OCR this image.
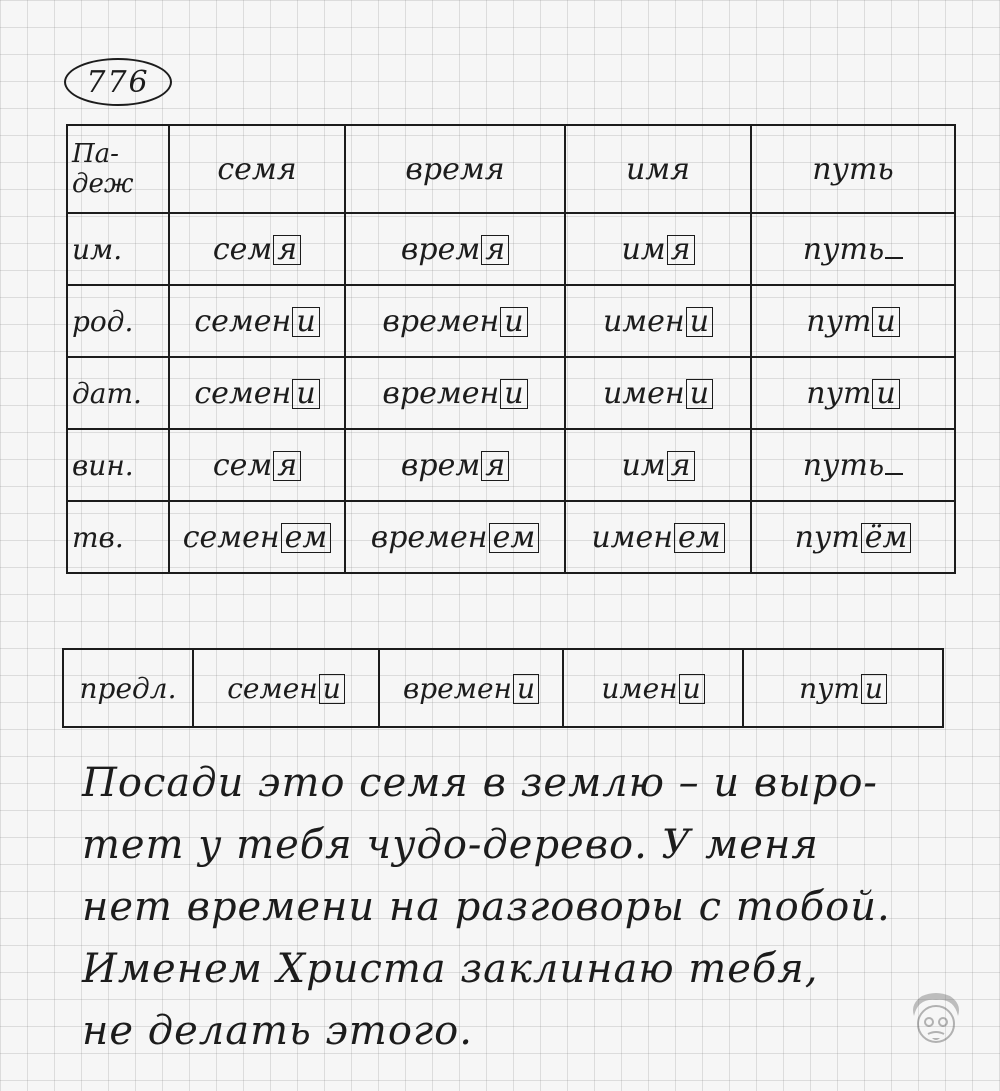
776
Па-
деж	семя	время	имя	путь
им.	сем я	врем я	им я	путь
род.	семен и	времен и	имен и	пут и
дат.	семен и	времен и	имен и	пут и
вин.	сем я	врем я	им я	путь
тв.	семен ем	времен ем	имен ем	пут ём
предл.	семен и	времен и	имен и	пут и
Посади это семя в землю – и выро-
тет у тебя чудо-дерево. У меня
нет времени на разговоры с тобой.
Именем Христа заклинаю тебя,
не делать этого.
